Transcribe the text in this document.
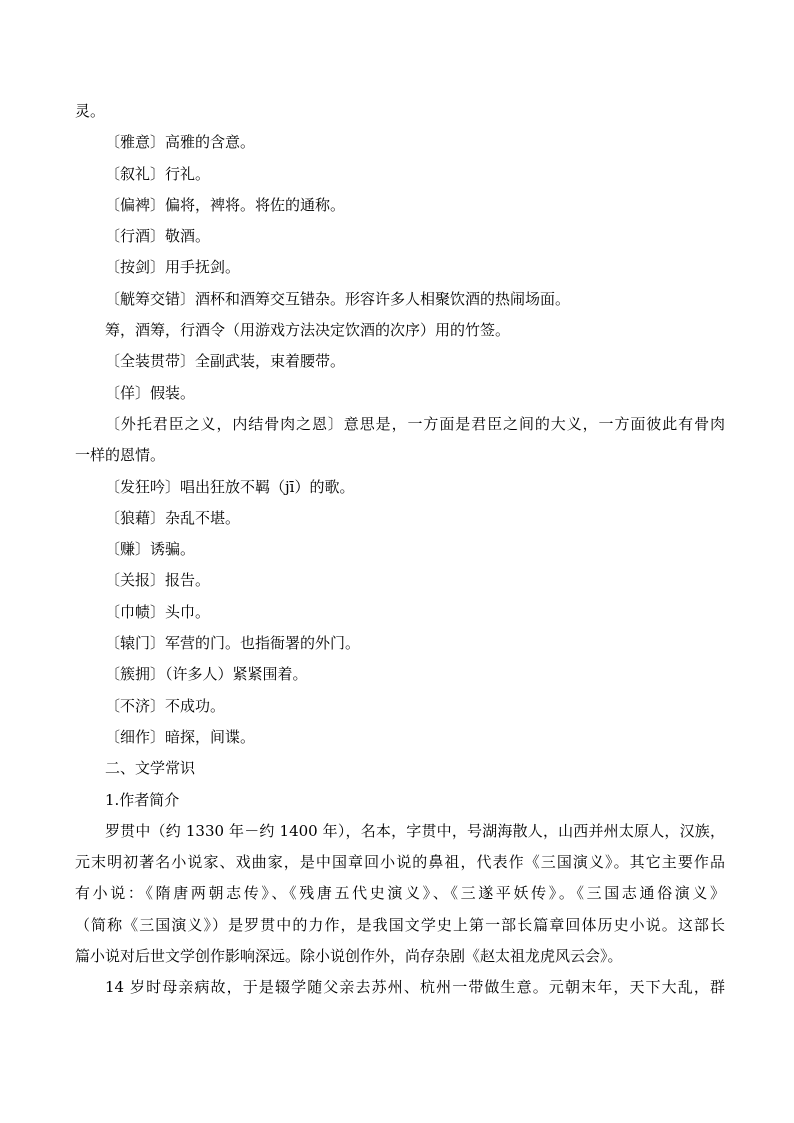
灵。
〔雅意〕高雅的含意。
〔叙礼〕行礼。
〔偏裨〕偏将，裨将。将佐的通称。
〔行酒〕敬酒。
〔按剑〕用手抚剑。
〔觥筹交错〕酒杯和酒筹交互错杂。形容许多人相聚饮酒的热闹场面。
筹，酒筹，行酒令（用游戏方法决定饮酒的次序）用的竹签。
〔全装贯带〕全副武装，束着腰带。
〔佯〕假装。
〔外托君臣之义，内结骨肉之恩〕意思是，一方面是君臣之间的大义，一方面彼此有骨肉
一样的恩情。
〔发狂吟〕唱出狂放不羁（jī）的歌。
〔狼藉〕杂乱不堪。
〔赚〕诱骗。
〔关报〕报告。
〔巾帻〕头巾。
〔辕门〕军营的门。也指衙署的外门。
〔簇拥〕（许多人）紧紧围着。
〔不济〕不成功。
〔细作〕暗探，间谍。
二、文学常识
1.作者简介
罗贯中（约 1330 年－约 1400 年），名本，字贯中，号湖海散人，山西并州太原人，汉族，
元末明初著名小说家、戏曲家，是中国章回小说的鼻祖，代表作《三国演义》。其它主要作品
有小说：《隋唐两朝志传》、《残唐五代史演义》、《三遂平妖传》。《三国志通俗演义》
（简称《三国演义》）是罗贯中的力作，是我国文学史上第一部长篇章回体历史小说。这部长
篇小说对后世文学创作影响深远。除小说创作外，尚存杂剧《赵太祖龙虎风云会》。
14 岁时母亲病故，于是辍学随父亲去苏州、杭州一带做生意。元朝末年，天下大乱，群
